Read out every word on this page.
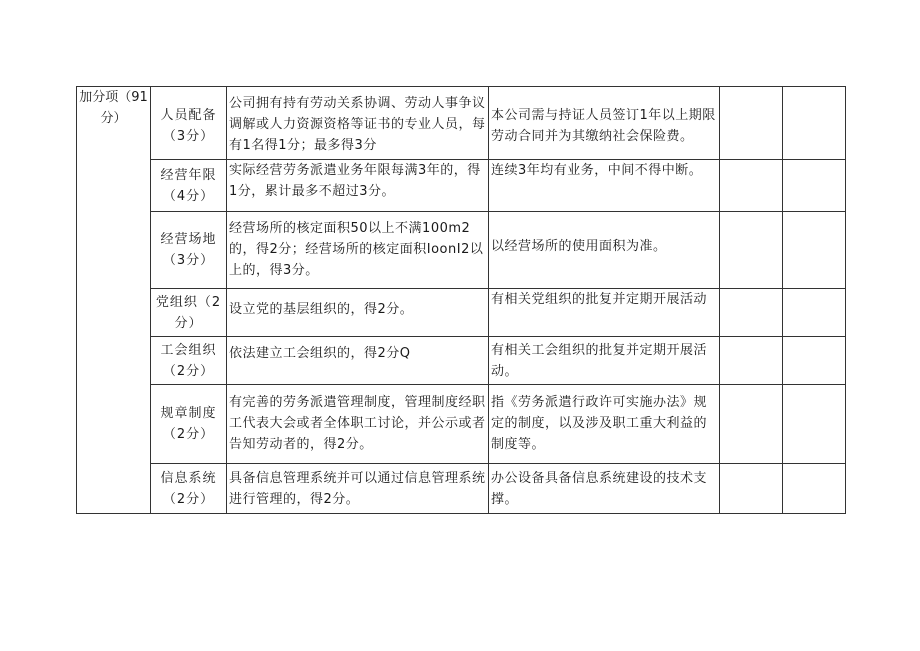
加分项（91分）	人员配备（3分）	公司拥有持有劳动关系协调、劳动人事争议调解或人力资源资格等证书的专业人员，每有1名得1分；最多得3分	本公司需与持证人员签订1年以上期限劳动合同并为其缴纳社会保险费。		
	经营年限（4分）	实际经营劳务派遣业务年限每满3年的，得1分，累计最多不超过3分。	连续3年均有业务，中间不得中断。		
	经营场地（3分）	经营场所的核定面积50以上不满100m2的，得2分；经营场所的核定面积IoonI2以上的，得3分。	以经营场所的使用面积为准。		
	党组织（2分）	设立党的基层组织的，得2分。	有相关党组织的批复并定期开展活动		
	工会组织（2分）	依法建立工会组织的，得2分Q	有相关工会组织的批复并定期开展活动。		
	规章制度（2分）	有完善的劳务派遣管理制度，管理制度经职工代表大会或者全体职工讨论，并公示或者告知劳动者的，得2分。	指《劳务派遣行政许可实施办法》规定的制度，以及涉及职工重大利益的制度等。		
	信息系统（2分）	具备信息管理系统并可以通过信息管理系统进行管理的，得2分。	办公设备具备信息系统建设的技术支撑。		
